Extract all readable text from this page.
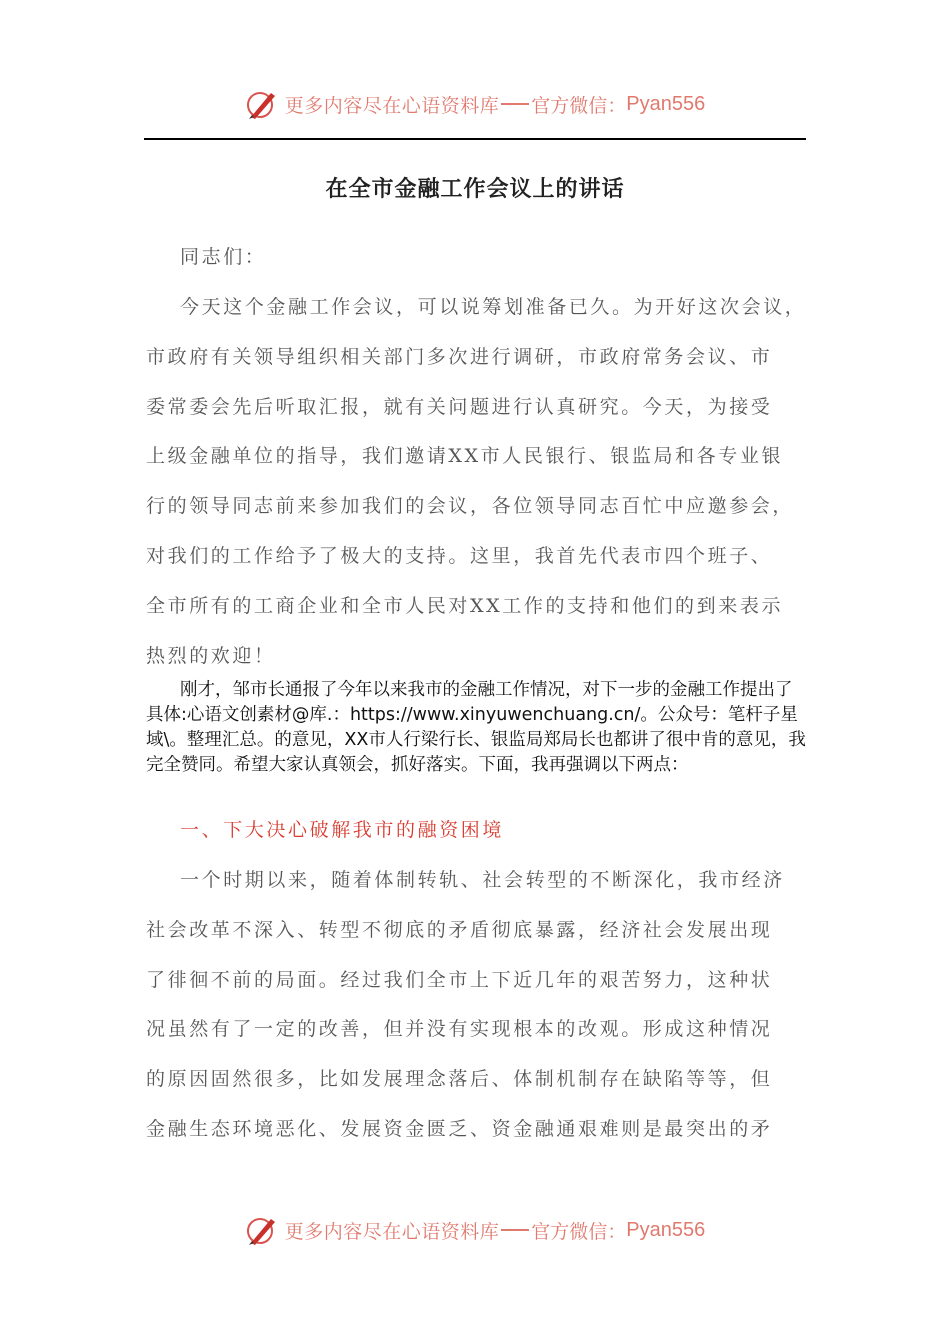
更多内容尽在心语资料库 官方微信： Pyan556
在全市金融工作会议上的讲话
同志们：
今天这个金融工作会议，可以说筹划准备已久。为开好这次会议，
市政府有关领导组织相关部门多次进行调研，市政府常务会议、市
委常委会先后听取汇报，就有关问题进行认真研究。今天，为接受
上级金融单位的指导，我们邀请XX市人民银行、银监局和各专业银
行的领导同志前来参加我们的会议，各位领导同志百忙中应邀参会，
对我们的工作给予了极大的支持。这里，我首先代表市四个班子、
全市所有的工商企业和全市人民对XX工作的支持和他们的到来表示
热烈的欢迎！

刚才，邹市长通报了今年以来我市的金融工作情况，对下一步的金融工作提出了具体:心语文创素材@库.：https://www.xinyuwenchuang.cn/。公众号：笔杆子星域\。整理汇总。的意见，XX市人行梁行长、银监局郑局长也都讲了很中肯的意见，我完全赞同。希望大家认真领会，抓好落实。下面，我再强调以下两点：

一、下大决心破解我市的融资困境
一个时期以来，随着体制转轨、社会转型的不断深化，我市经济
社会改革不深入、转型不彻底的矛盾彻底暴露，经济社会发展出现
了徘徊不前的局面。经过我们全市上下近几年的艰苦努力，这种状
况虽然有了一定的改善，但并没有实现根本的改观。形成这种情况
的原因固然很多，比如发展理念落后、体制机制存在缺陷等等，但
金融生态环境恶化、发展资金匮乏、资金融通艰难则是最突出的矛
更多内容尽在心语资料库 官方微信： Pyan556
